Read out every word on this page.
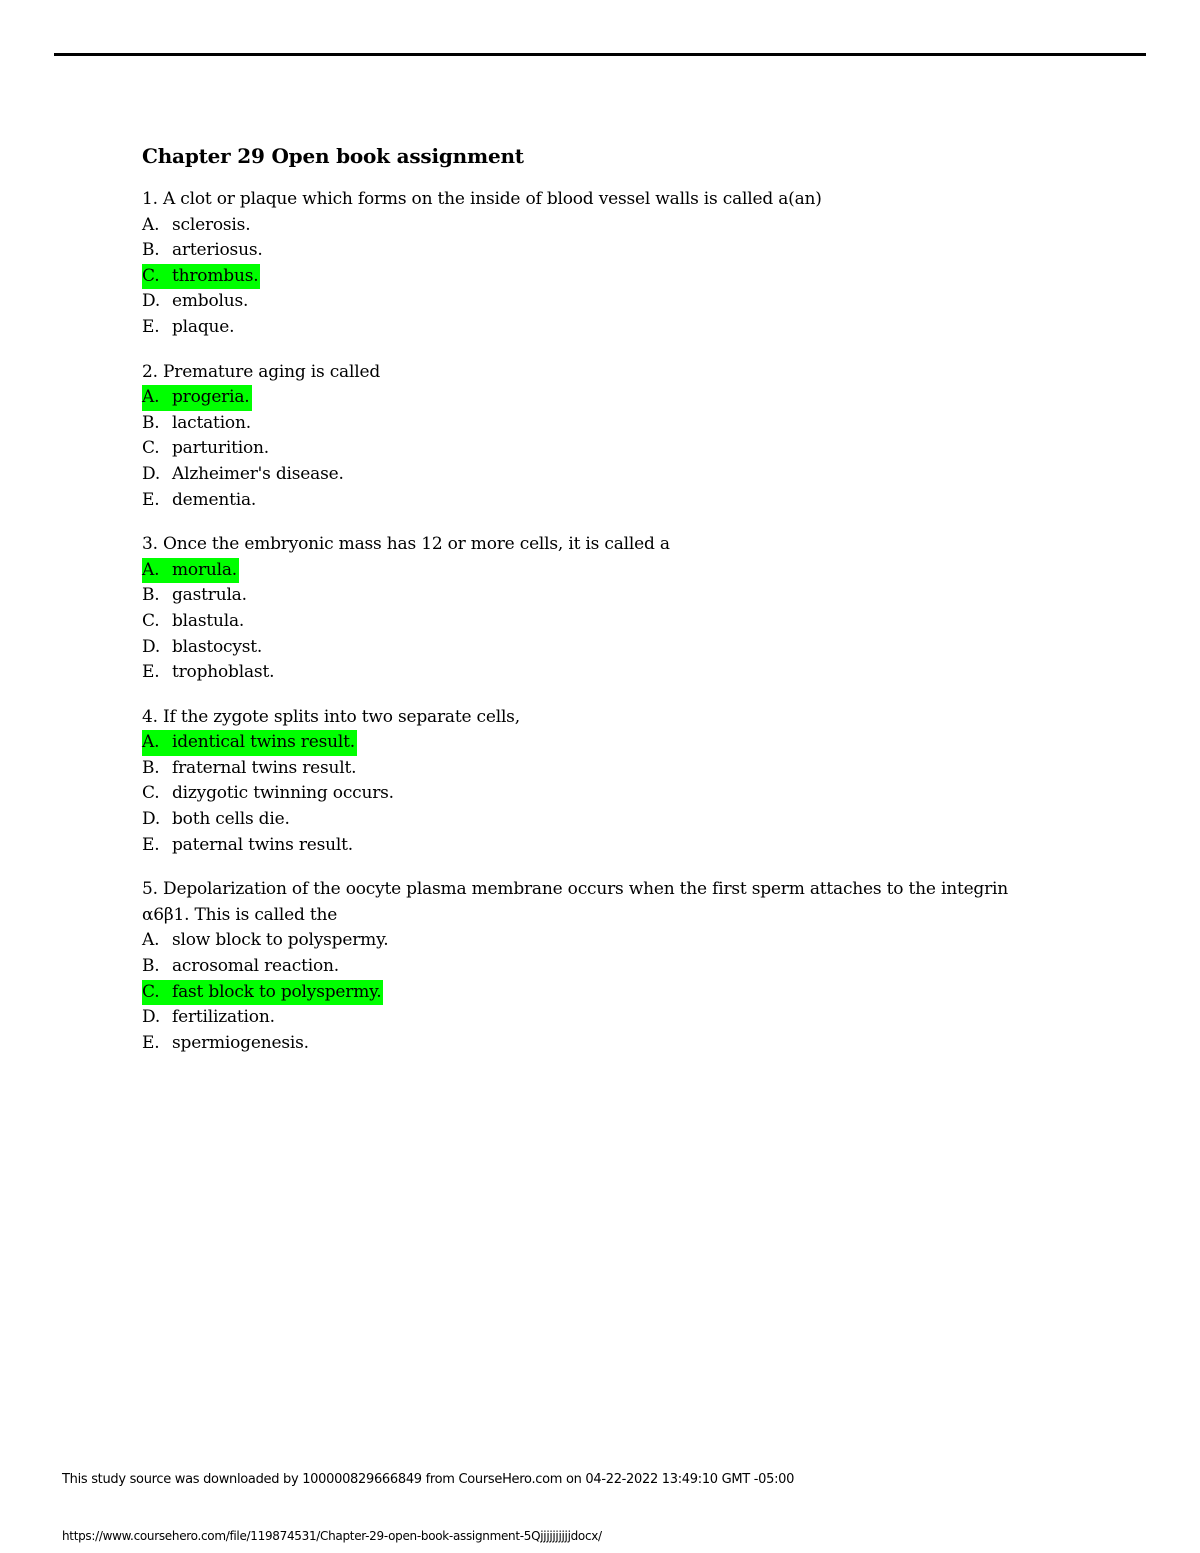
Chapter 29 Open book assignment
1. A clot or plaque which forms on the inside of blood vessel walls is called a(an)
A. sclerosis.
B. arteriosus.
C. thrombus.
D. embolus.
E. plaque.
2. Premature aging is called
A. progeria.
B. lactation.
C. parturition.
D. Alzheimer's disease.
E. dementia.
3. Once the embryonic mass has 12 or more cells, it is called a
A. morula.
B. gastrula.
C. blastula.
D. blastocyst.
E. trophoblast.
4. If the zygote splits into two separate cells,
A. identical twins result.
B. fraternal twins result.
C. dizygotic twinning occurs.
D. both cells die.
E. paternal twins result.
5. Depolarization of the oocyte plasma membrane occurs when the first sperm attaches to the integrin α6β1. This is called the
A. slow block to polyspermy.
B. acrosomal reaction.
C. fast block to polyspermy.
D. fertilization.
E. spermiogenesis.
This study source was downloaded by 100000829666849 from CourseHero.com on 04-22-2022 13:49:10 GMT -05:00
https://www.coursehero.com/file/119874531/Chapter-29-open-book-assignment-5Qjjjjjjjjjjdocx/
